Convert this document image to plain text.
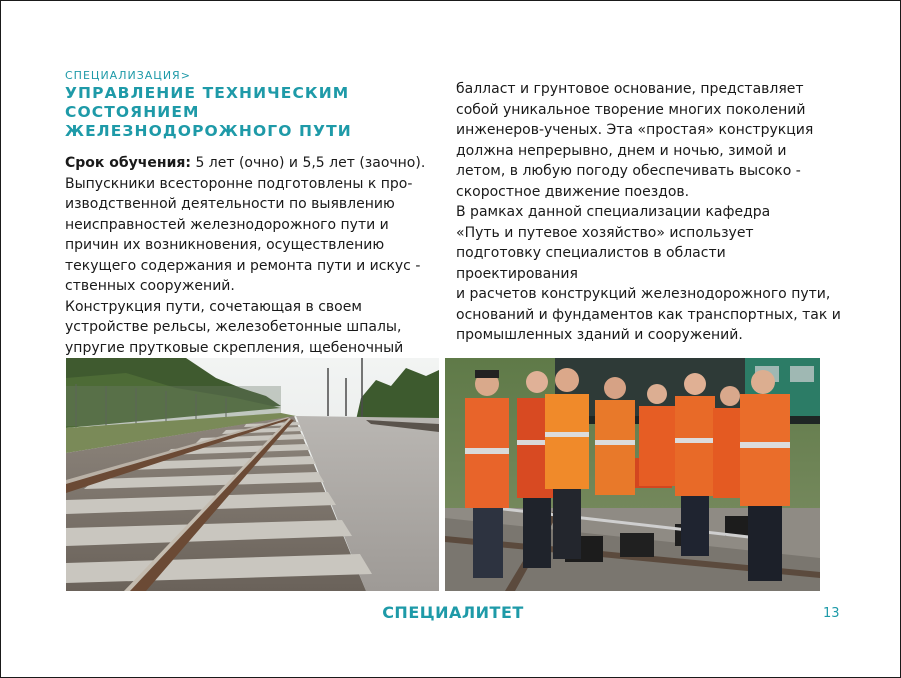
СПЕЦИАЛИЗАЦИЯ>
УПРАВЛЕНИЕ ТЕХНИЧЕСКИМ СОСТОЯНИЕМ
ЖЕЛЕЗНОДОРОЖНОГО ПУТИ

Срок обучения: 5 лет (очно) и 5,5 лет (заочно).

Выпускники всесторонне подготовлены к про-
изводственной деятельности по выявлению
неисправностей железнодорожного пути и
причин их возникновения, осуществлению
текущего содержания и ремонта пути и искус -
ственных сооружений.
Конструкция пути, сочетающая в своем
устройстве рельсы, железобетонные шпалы,
упругие прутковые скрепления, щебеночный

балласт и грунтовое основание, представляет
собой уникальное творение многих поколений
инженеров-ученых. Эта «простая» конструкция
должна непрерывно, днем и ночью, зимой и
летом, в любую погоду обеспечивать высоко -
скоростное движение поездов.
В рамках данной специализации кафедра
«Путь и путевое хозяйство» использует
подготовку специалистов в области проектирования
и расчетов конструкций железнодорожного пути,
оснований и фундаментов как транспортных, так и
промышленных зданий и сооружений.

СПЕЦИАЛИТЕТ	13
